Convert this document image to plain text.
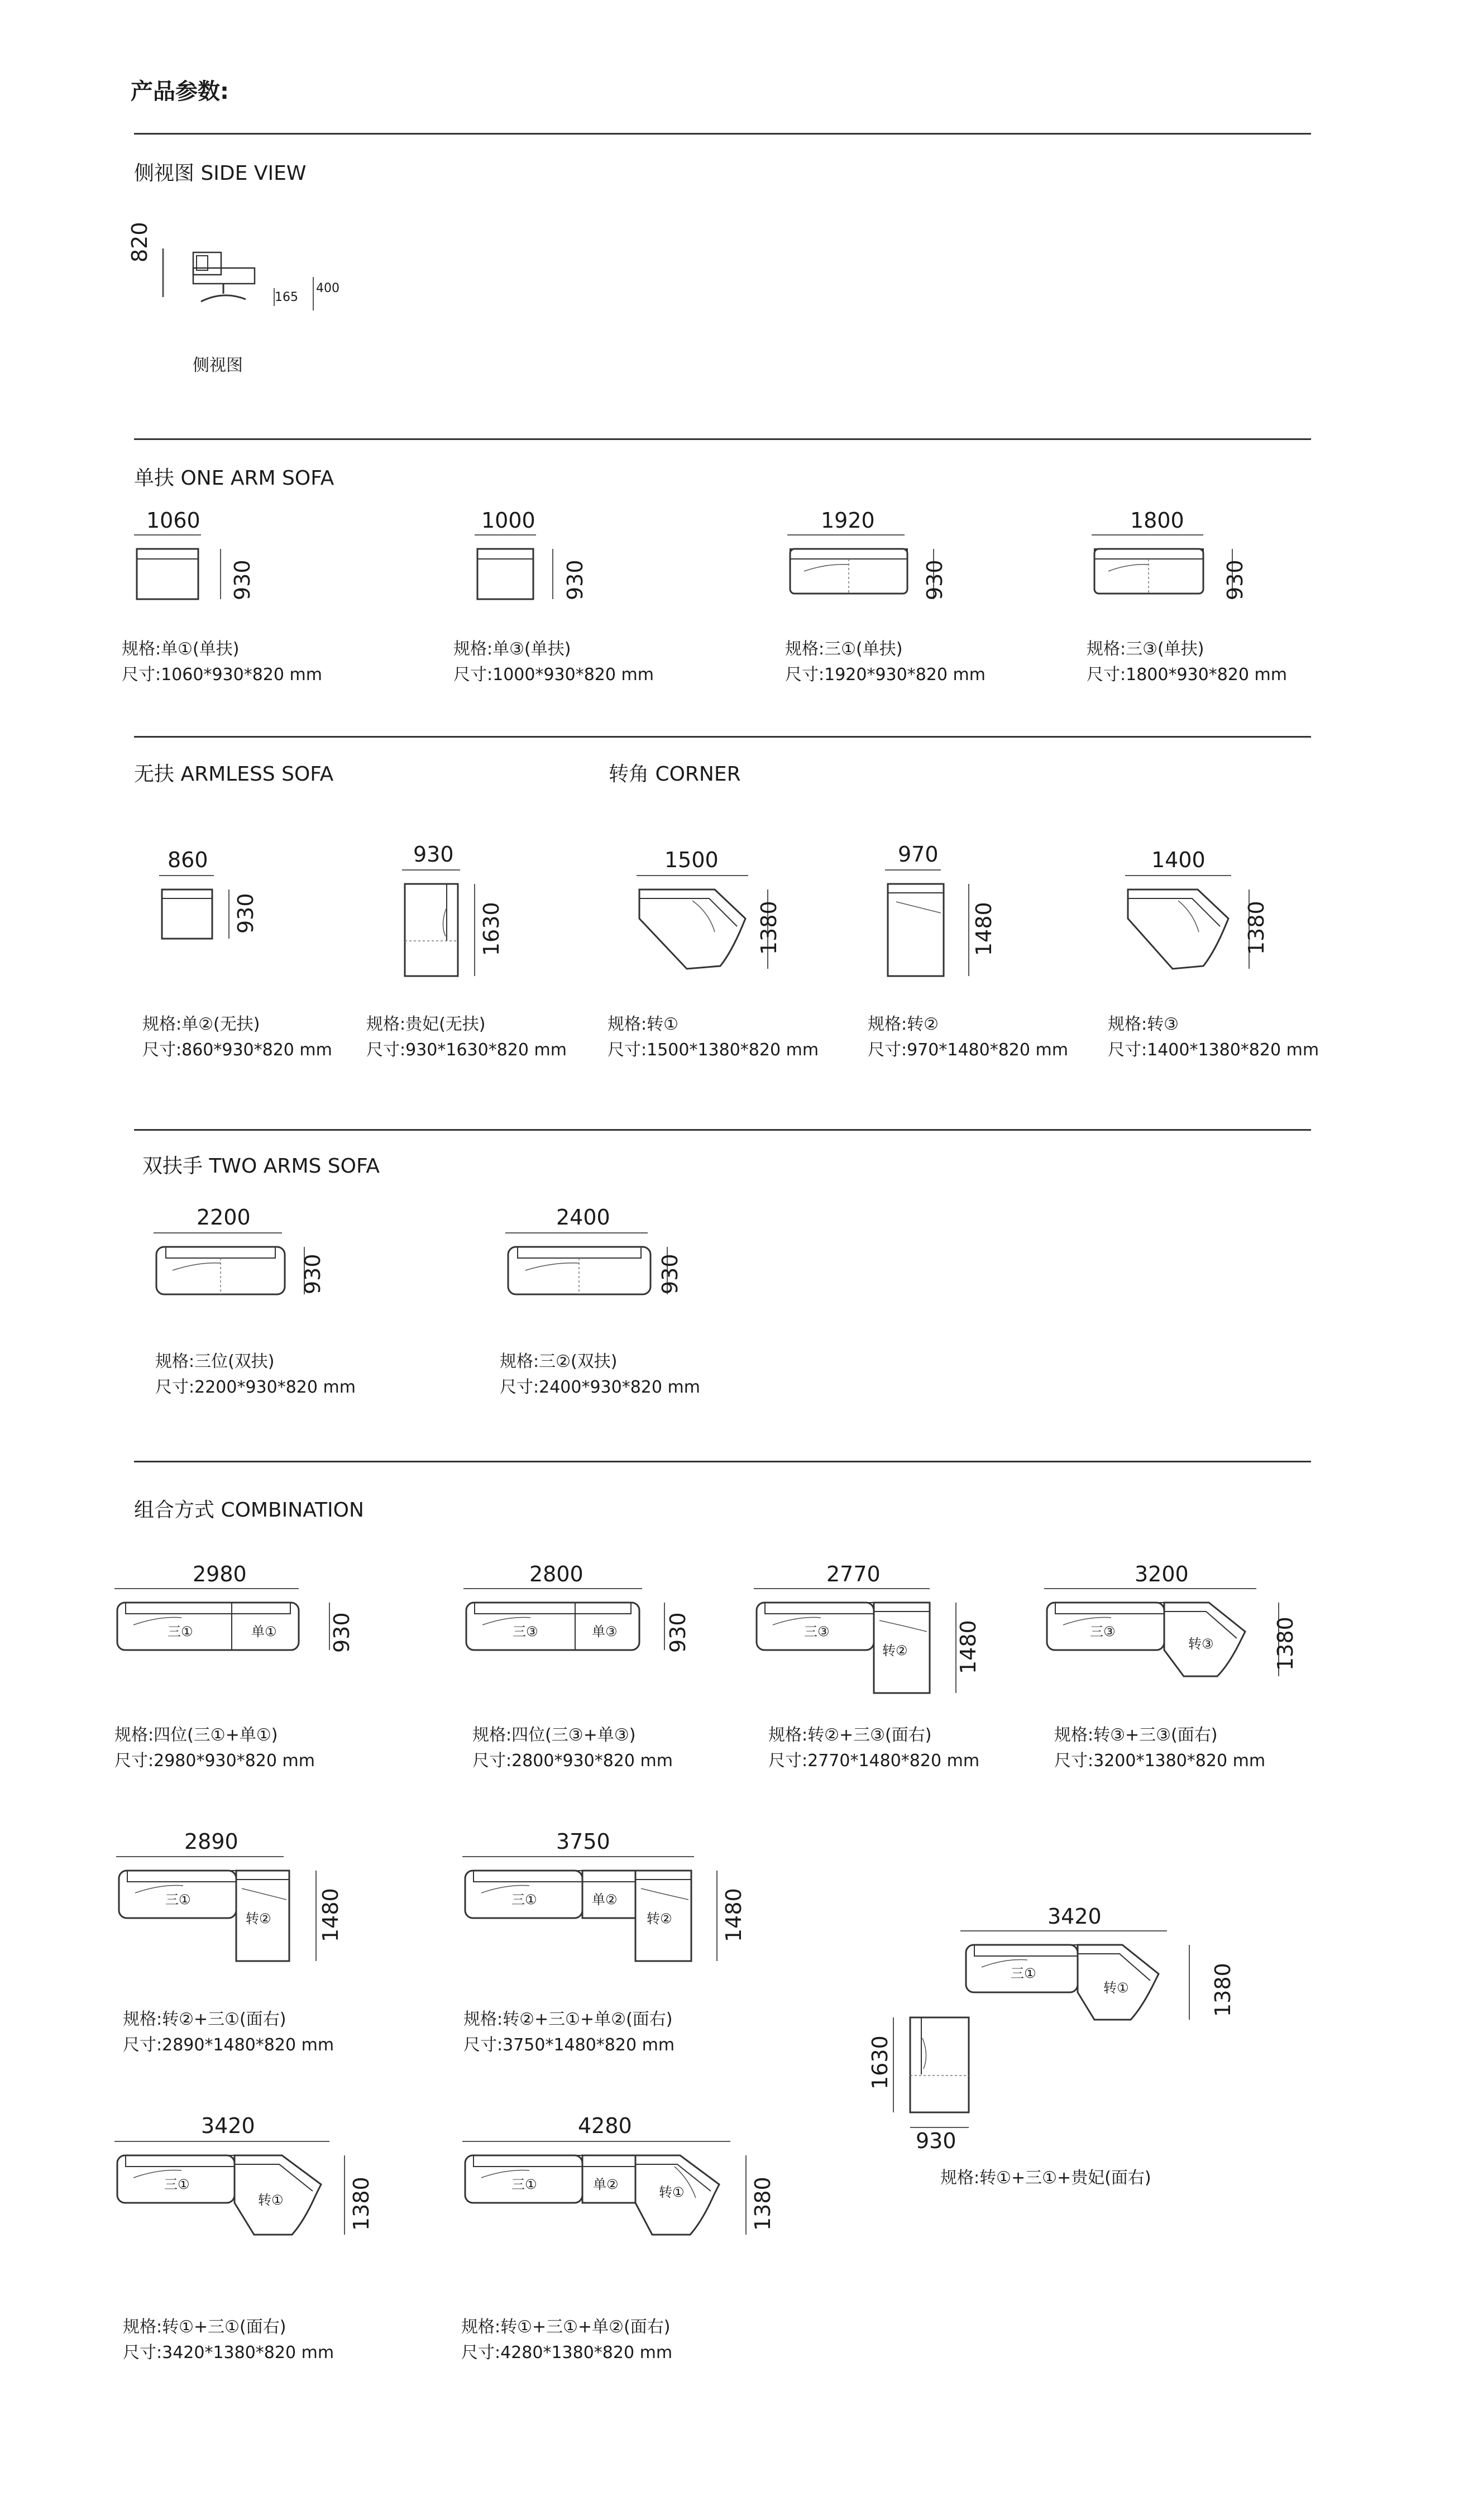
产品参数:
侧视图 SIDE VIEW
820
165
400
侧视图
单扶 ONE ARM SOFA
1060
930
规格:单①(单扶)
尺寸:1060*930*820 mm
1000
930
规格:单③(单扶)
尺寸:1000*930*820 mm
1920
930
规格:三①(单扶)
尺寸:1920*930*820 mm
1800
930
规格:三③(单扶)
尺寸:1800*930*820 mm
无扶 ARMLESS SOFA	转角 CORNER
860
930
规格:单②(无扶)
尺寸:860*930*820 mm
930
1630
规格:贵妃(无扶)
尺寸:930*1630*820 mm
1500
1380
规格:转①
尺寸:1500*1380*820 mm
970
1480
规格:转②
尺寸:970*1480*820 mm
1400
1380
规格:转③
尺寸:1400*1380*820 mm
双扶手 TWO ARMS SOFA
2200
930
规格:三位(双扶)
尺寸:2200*930*820 mm
2400
930
规格:三②(双扶)
尺寸:2400*930*820 mm
组合方式 COMBINATION
2980
三①	单① 930
规格:四位(三①+单①)
尺寸:2980*930*820 mm
2800
三③	单③ 930
规格:四位(三③+单③)
尺寸:2800*930*820 mm
2770
三③
转② 1480
规格:转②+三③(面右)
尺寸:2770*1480*820 mm
3200
三③
转③	1380
规格:转③+三③(面右)
尺寸:3200*1380*820 mm
2890
三①
转② 1480
规格:转②+三①(面右)
尺寸:2890*1480*820 mm
3750
三①	单②
转② 1480
规格:转②+三①+单②(面右)
尺寸:3750*1480*820 mm
3420
三①
转①	1380
规格:转①+三①(面右)
尺寸:3420*1380*820 mm
4280
三①	单②	转①	1380
规格:转①+三①+单②(面右)
尺寸:4280*1380*820 mm
3420
三①
转①	1380
1630
930
规格:转①+三①+贵妃(面右)
